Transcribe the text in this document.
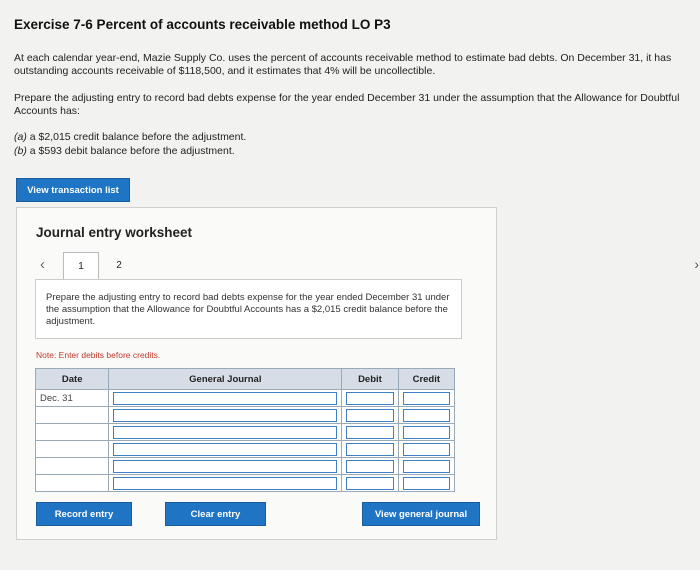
Exercise 7-6 Percent of accounts receivable method LO P3
At each calendar year-end, Mazie Supply Co. uses the percent of accounts receivable method to estimate bad debts. On December 31, it has outstanding accounts receivable of $118,500, and it estimates that 4% will be uncollectible.
Prepare the adjusting entry to record bad debts expense for the year ended December 31 under the assumption that the Allowance for Doubtful Accounts has:
(a) a $2,015 credit balance before the adjustment.
(b) a $593 debit balance before the adjustment.
View transaction list
Journal entry worksheet
‹	1	2	›
Prepare the adjusting entry to record bad debts expense for the year ended December 31 under the assumption that the Allowance for Doubtful Accounts has a $2,015 credit balance before the adjustment.
Note: Enter debits before credits.
Date	General Journal	Debit	Credit
Dec. 31	

Record entry	Clear entry	View general journal
